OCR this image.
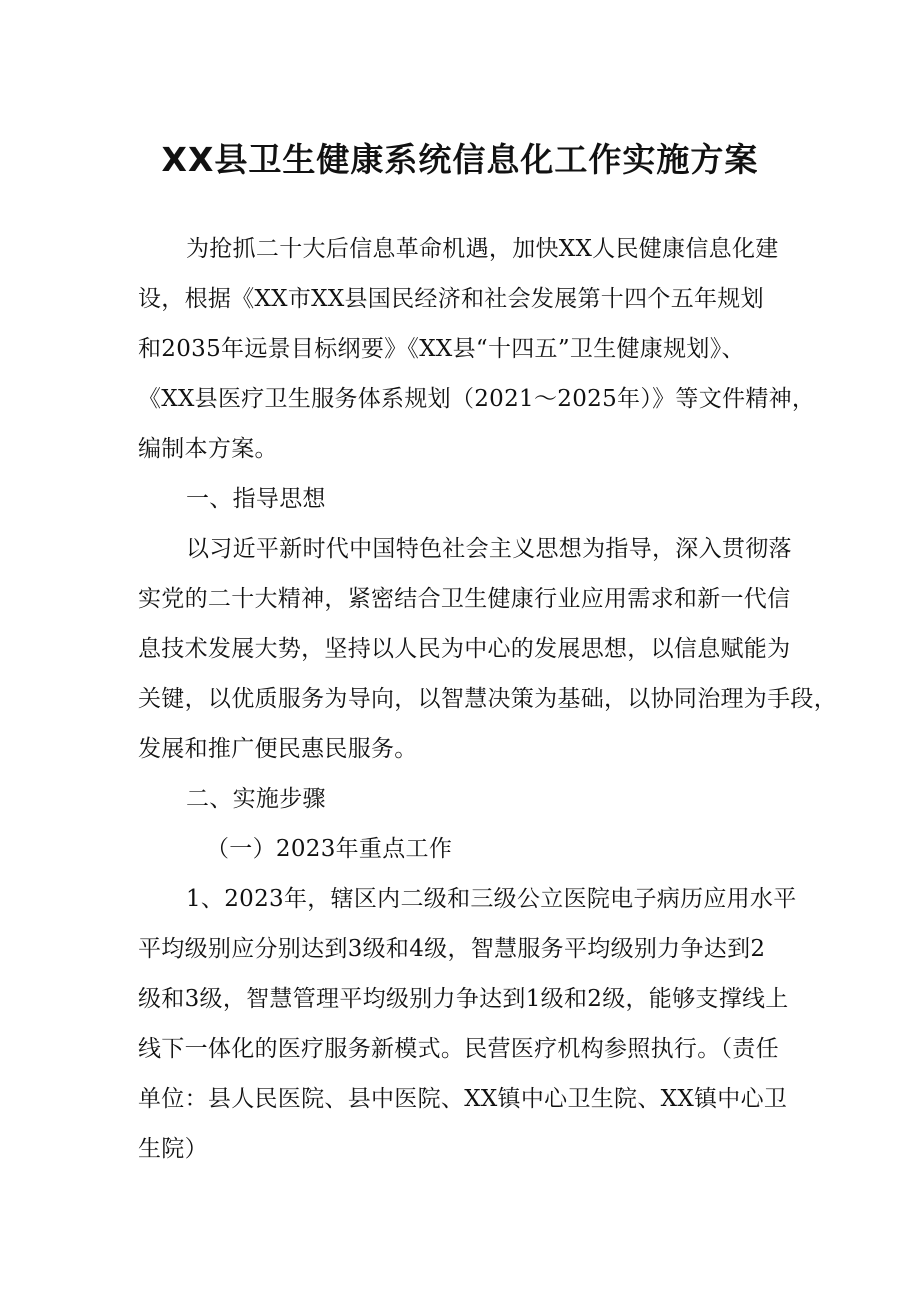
XX县卫生健康系统信息化工作实施方案
为抢抓二十大后信息革命机遇，加快XX人民健康信息化建
设，根据《XX市XX县国民经济和社会发展第十四个五年规划
和2035年远景目标纲要》《XX县“十四五”卫生健康规划》、
《XX县医疗卫生服务体系规划（2021～2025年）》等文件精神，
编制本方案。
一、指导思想
以习近平新时代中国特色社会主义思想为指导，深入贯彻落
实党的二十大精神，紧密结合卫生健康行业应用需求和新一代信
息技术发展大势，坚持以人民为中心的发展思想，以信息赋能为
关键，以优质服务为导向，以智慧决策为基础，以协同治理为手段，
发展和推广便民惠民服务。
二、实施步骤
（一）2023年重点工作
1、2023年，辖区内二级和三级公立医院电子病历应用水平
平均级别应分别达到3级和4级，智慧服务平均级别力争达到2
级和3级，智慧管理平均级别力争达到1级和2级，能够支撑线上
线下一体化的医疗服务新模式。民营医疗机构参照执行。（责任
单位：县人民医院、县中医院、XX镇中心卫生院、XX镇中心卫
生院）
